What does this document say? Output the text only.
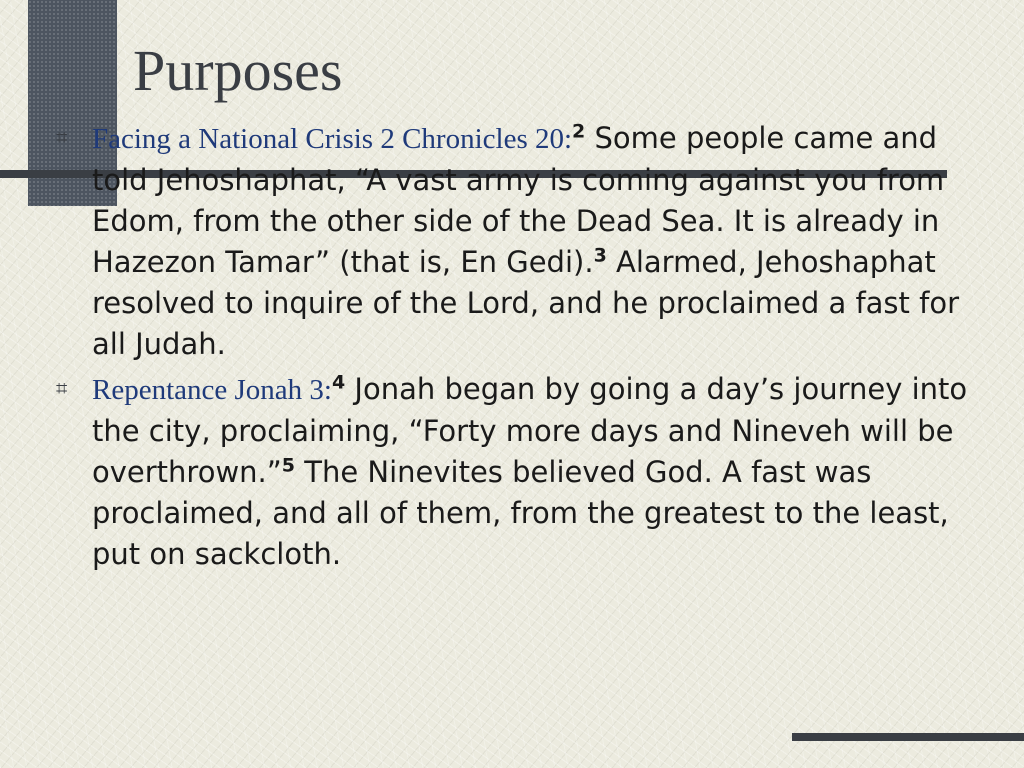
Purposes
⌗ Facing a National Crisis 2 Chronicles 20:$^2$ Some people came and told Jehoshaphat, “A vast army is coming against you from Edom, from the other side of the Dead Sea. It is already in Hazezon Tamar” (that is, En Gedi).$^3$ Alarmed, Jehoshaphat resolved to inquire of the Lord, and he proclaimed a fast for all Judah.
⌗ Repentance Jonah 3:$^4$ Jonah began by going a day’s journey into the city, proclaiming, “Forty more days and Nineveh will be overthrown.”$^5$ The Ninevites believed God. A fast was proclaimed, and all of them, from the greatest to the least, put on sackcloth.
